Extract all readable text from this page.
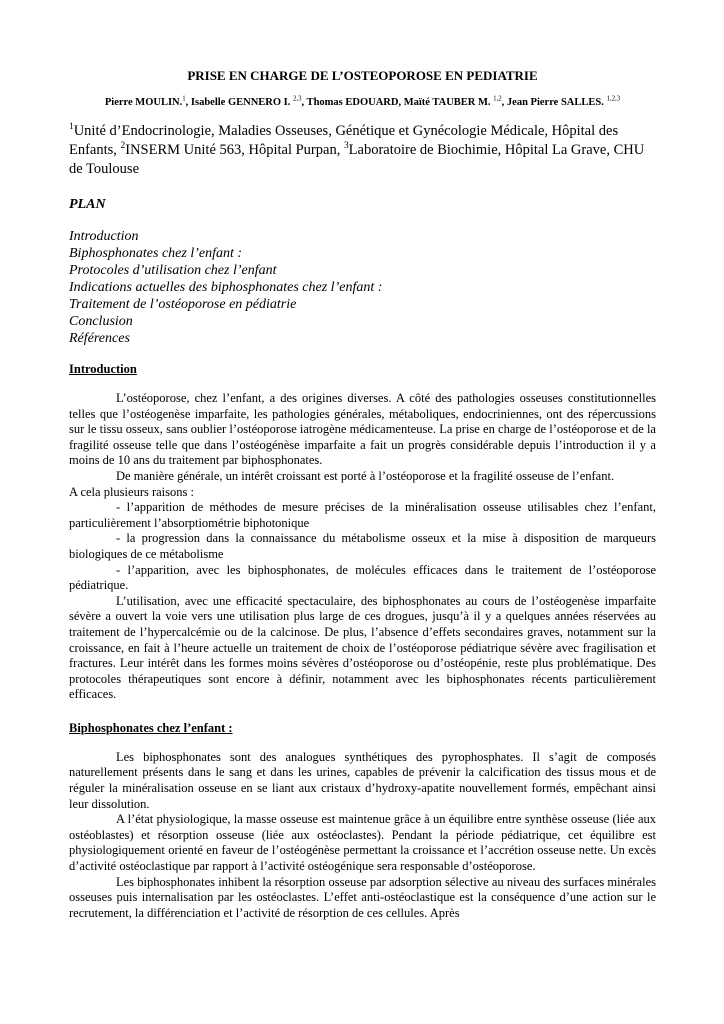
PRISE EN CHARGE DE L’OSTEOPOROSE EN PEDIATRIE

Pierre MOULIN.$^1$, Isabelle GENNERO I. $^{2,3}$, Thomas EDOUARD, Maïté TAUBER M. $^{1,2}$, Jean Pierre SALLES. $^{1,2,3}$

$^1$Unité d’Endocrinologie, Maladies Osseuses, Génétique et Gynécologie Médicale, Hôpital des Enfants, $^2$INSERM Unité 563, Hôpital Purpan, $^3$Laboratoire de Biochimie, Hôpital La Grave, CHU de Toulouse

PLAN
Introduction
Biphosphonates chez l’enfant :
Protocoles d’utilisation chez l’enfant
Indications actuelles des biphosphonates chez l’enfant :
Traitement de l’ostéoporose en pédiatrie
Conclusion
Références
Introduction

L’ostéoporose, chez l’enfant, a des origines diverses. A côté des pathologies osseuses constitutionnelles telles que l’ostéogenèse imparfaite, les pathologies générales, métaboliques, endocriniennes, ont des répercussions sur le tissu osseux, sans oublier l’ostéoporose iatrogène médicamenteuse. La prise en charge de l’ostéoporose et de la fragilité osseuse telle que dans l’ostéogénèse imparfaite a fait un progrès considérable depuis l’introduction il y a moins de 10 ans du traitement par biphosphonates.

De manière générale, un intérêt croissant est porté à l’ostéoporose et la fragilité osseuse de l’enfant.

A cela plusieurs raisons :

- l’apparition de méthodes de mesure précises de la minéralisation osseuse utilisables chez l’enfant, particulièrement l’absorptiométrie biphotonique

- la progression dans la connaissance du métabolisme osseux et la mise à disposition de marqueurs biologiques de ce métabolisme

- l’apparition, avec les biphosphonates, de molécules efficaces dans le traitement de l’ostéoporose pédiatrique.

L’utilisation, avec une efficacité spectaculaire, des biphosphonates au cours de l’ostéogenèse imparfaite sévère a ouvert la voie vers une utilisation plus large de ces drogues, jusqu’à il y a quelques années réservées au traitement de l’hypercalcémie ou de la calcinose. De plus, l’absence d’effets secondaires graves, notamment sur la croissance, en fait à l’heure actuelle un traitement de choix de l’ostéoporose pédiatrique sévère avec fragilisation et fractures. Leur intérêt dans les formes moins sévères d’ostéoporose ou d’ostéopénie, reste plus problématique. Des protocoles thérapeutiques sont encore à définir, notamment avec les biphosphonates récents particulièrement efficaces.

Biphosphonates chez l’enfant :

Les biphosphonates sont des analogues synthétiques des pyrophosphates. Il s’agit de composés naturellement présents dans le sang et dans les urines, capables de prévenir la calcification des tissus mous et de réguler la minéralisation osseuse en se liant aux cristaux d’hydroxy-apatite nouvellement formés, empêchant ainsi leur dissolution.

A l’état physiologique, la masse osseuse est maintenue grâce à un équilibre entre synthèse osseuse (liée aux ostéoblastes) et résorption osseuse (liée aux ostéoclastes). Pendant la période pédiatrique, cet équilibre est physiologiquement orienté en faveur de l’ostéogénèse permettant la croissance et l’accrétion osseuse nette. Un excès d’activité ostéoclastique par rapport à l’activité ostéogénique sera responsable d’ostéoporose.

Les biphosphonates inhibent la résorption osseuse par adsorption sélective au niveau des surfaces minérales osseuses puis internalisation par les ostéoclastes. L’effet anti-ostéoclastique est la conséquence d’une action sur le recrutement, la différenciation et l’activité de résorption de ces cellules. Après
